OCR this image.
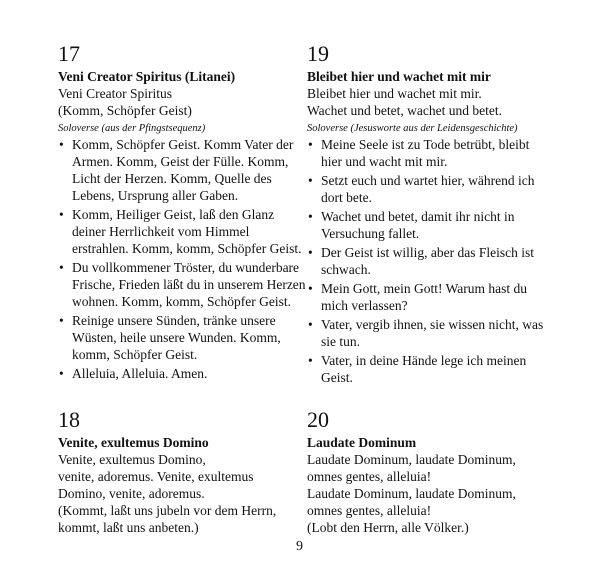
17
Veni Creator Spiritus (Litanei)
Veni Creator Spiritus
(Komm, Schöpfer Geist)
Soloverse (aus der Pfingstsequenz)
• Komm, Schöpfer Geist. Komm Vater der Armen. Komm, Geist der Fülle. Komm, Licht der Herzen. Komm, Quelle des Lebens, Ursprung aller Gaben.
• Komm, Heiliger Geist, laß den Glanz deiner Herrlichkeit vom Himmel erstrahlen. Komm, komm, Schöpfer Geist.
• Du vollkommener Tröster, du wunderbare Frische, Frieden läßt du in unserem Herzen wohnen. Komm, komm, Schöpfer Geist.
• Reinige unsere Sünden, tränke unsere Wüsten, heile unsere Wunden. Komm, komm, Schöpfer Geist.
• Alleluia, Alleluia. Amen.
19
Bleibet hier und wachet mit mir
Bleibet hier und wachet mit mir.
Wachet und betet, wachet und betet.
Soloverse (Jesusworte aus der Leidensgeschichte)
• Meine Seele ist zu Tode betrübt, bleibt hier und wacht mit mir.
• Setzt euch und wartet hier, während ich dort bete.
• Wachet und betet, damit ihr nicht in Versuchung fallet.
• Der Geist ist willig, aber das Fleisch ist schwach.
• Mein Gott, mein Gott! Warum hast du mich verlassen?
• Vater, vergib ihnen, sie wissen nicht, was sie tun.
• Vater, in deine Hände lege ich meinen Geist.
18
Venite, exultemus Domino
Venite, exultemus Domino,
venite, adoremus. Venite, exultemus
Domino, venite, adoremus.
(Kommt, laßt uns jubeln vor dem Herrn,
kommt, laßt uns anbeten.)
20
Laudate Dominum
Laudate Dominum, laudate Dominum,
omnes gentes, alleluia!
Laudate Dominum, laudate Dominum,
omnes gentes, alleluia!
(Lobt den Herrn, alle Völker.)
9
